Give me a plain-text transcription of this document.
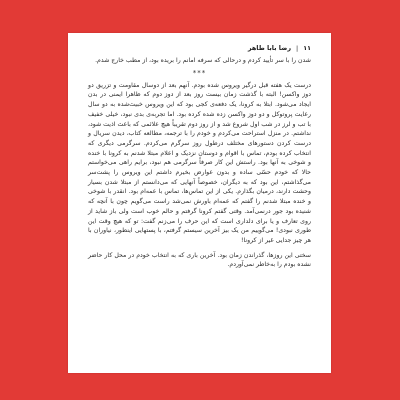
۱۱
|
رضا بابا طاهر

شدن را با سر تأیید کردم و درحالی که سرفه امانم را بریده بود، از مطب خارج شدم.

***

درست یک هفته قبل درگیر ویروس شده بودم. آنهم بعد از دوسال مقاومت و تزریق دو دوز واکسن! البته با گذشت زمان بیست روز بعد از دوز دوم که ظاهرا ایمنی در بدن ایجاد می‌شود. ابتلا به کرونا، یک دفعه‌ی کجی بود که این ویروس خبیث‌شده به دو سال رعایت پروتوکل و دو دوز واکسن زده شده کرده بود. اما تجربه‌ی بدی نبود، خیلی خفیف با تب و لرز در شب اول شروع شد و از روز دوم تقریباً هیچ علائمی که باعث اذیت شود، نداشتم. در منزل استراحت می‌کردم و خودم را با ترجمه، مطالعه کتاب، دیدن سریال و درست کردن دستورهای مختلف درطول روز سرگرم می‌کردم. سرگرمی دیگری که انتخاب کرده بودم، تماس با اقوام و دوستان نزدیک و اعلام مبتلا شدنم به کرونا با خنده و شوخی به آنها بود. راستش این کار صرفاً سرگرمی هم نبود، برایم راهی می‌خواستم حالا که خودم حسّی ساده و بدون عوارض بخیرم داشتم این ویروس را پشت‌سر می‌گذاشتم، این بود که به دیگران، خصوصاً آنهایی که می‌دانستم از مبتلا شدن بسیار وحشت دارند، درمیان بگذارم. یکی از این تماس‌ها، تماس با عمه‌ام بود. انقدر با شوخی و خنده مبتلا شدنم را گفتم که عمه‌ام باورش نمی‌شد راست می‌گویم چون با آنچه که شنیده بود جور درنمی‌آمد. وقتی گفتم کرونا گرفتم و حالم خوب است ولی باز شاید از روی تعارف و یا برای دلداری است که این حرف را می‌زنم گفت: تو که هیچ وقت این طوری نبودی! می‌گوییم من یک بیز آخرین سیستم گرفتم، با پستهایی اینطور، نیاوران با هر چیز جدایی غیر از کرونا!

سختی این روزها، گذراندن زمان بود. آخرین باری که به انتخاب خودم در محل کار حاضر نشده بودم را به‌خاطر نمی‌آوردم.
